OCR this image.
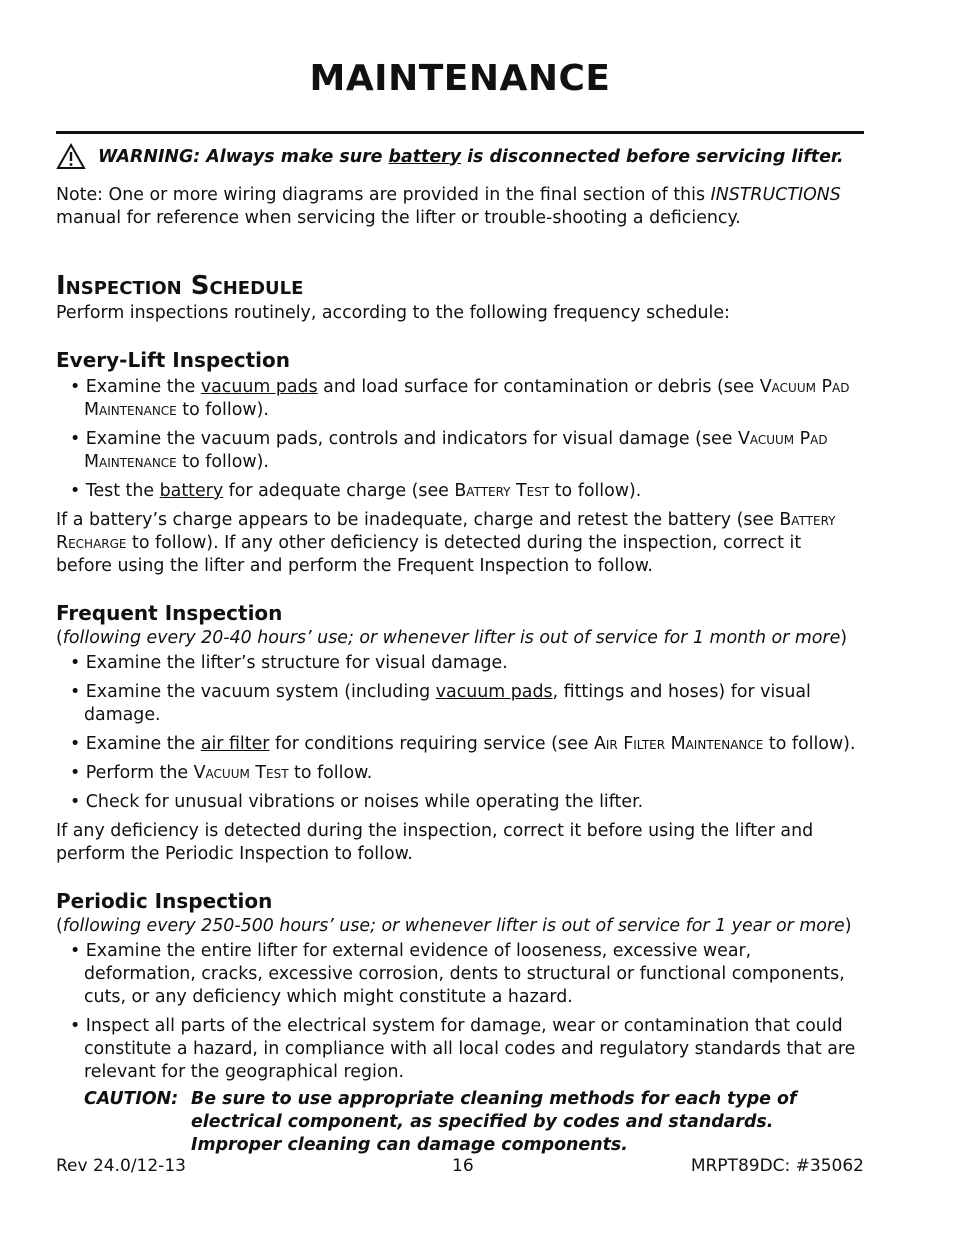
MAINTENANCE
WARNING: Always make sure battery is disconnected before servicing lifter.

Note: One or more wiring diagrams are provided in the final section of this INSTRUCTIONS manual for reference when servicing the lifter or trouble-shooting a deficiency.

Inspection Schedule

Perform inspections routinely, according to the following frequency schedule:

Every-Lift Inspection

• Examine the vacuum pads and load surface for contamination or debris (see Vacuum Pad Maintenance to follow).

• Examine the vacuum pads, controls and indicators for visual damage (see Vacuum Pad Maintenance to follow).

• Test the battery for adequate charge (see Battery Test to follow).

If a battery’s charge appears to be inadequate, charge and retest the battery (see Battery Recharge to follow). If any other deficiency is detected during the inspection, correct it before using the lifter and perform the Frequent Inspection to follow.

Frequent Inspection

(following every 20-40 hours’ use; or whenever lifter is out of service for 1 month or more)

• Examine the lifter’s structure for visual damage.

• Examine the vacuum system (including vacuum pads, fittings and hoses) for visual damage.

• Examine the air filter for conditions requiring service (see Air Filter Maintenance to follow).

• Perform the Vacuum Test to follow.

• Check for unusual vibrations or noises while operating the lifter.

If any deficiency is detected during the inspection, correct it before using the lifter and perform the Periodic Inspection to follow.

Periodic Inspection

(following every 250-500 hours’ use; or whenever lifter is out of service for 1 year or more)

• Examine the entire lifter for external evidence of looseness, excessive wear, deformation, cracks, excessive corrosion, dents to structural or functional components, cuts, or any deficiency which might constitute a hazard.

• Inspect all parts of the electrical system for damage, wear or contamination that could constitute a hazard, in compliance with all local codes and regulatory standards that are relevant for the geographical region.

CAUTION: Be sure to use appropriate cleaning methods for each type of electrical component, as specified by codes and standards. Improper cleaning can damage components.
Rev 24.0/12-13	16	MRPT89DC: #35062
